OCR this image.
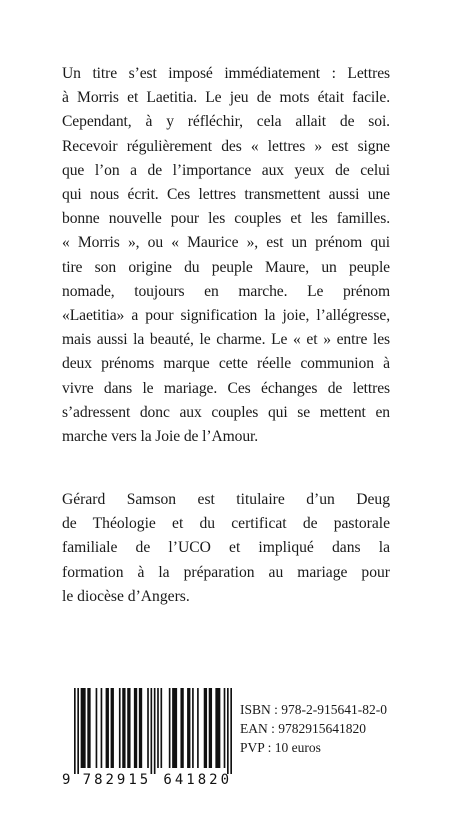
Un titre s’est imposé immédiatement : Lettres
à Morris et Laetitia. Le jeu de mots était facile.
Cependant, à y réfléchir, cela allait de soi.
Recevoir régulièrement des « lettres » est signe
que l’on a de l’importance aux yeux de celui
qui nous écrit. Ces lettres transmettent aussi une
bonne nouvelle pour les couples et les familles.
« Morris », ou « Maurice », est un prénom qui
tire son origine du peuple Maure, un peuple
nomade, toujours en marche. Le prénom
«Laetitia» a pour signification la joie, l’allégresse,
mais aussi la beauté, le charme. Le « et » entre les
deux prénoms marque cette réelle communion à
vivre dans le mariage. Ces échanges de lettres
s’adressent donc aux couples qui se mettent en
marche vers la Joie de l’Amour.

Gérard Samson est titulaire d’un Deug
de Théologie et du certificat de pastorale
familiale de l’UCO et impliqué dans la
formation à la préparation au mariage pour
le diocèse d’Angers.

9 782915 641820
ISBN : 978-2-915641-82-0
EAN : 9782915641820
PVP : 10 euros
